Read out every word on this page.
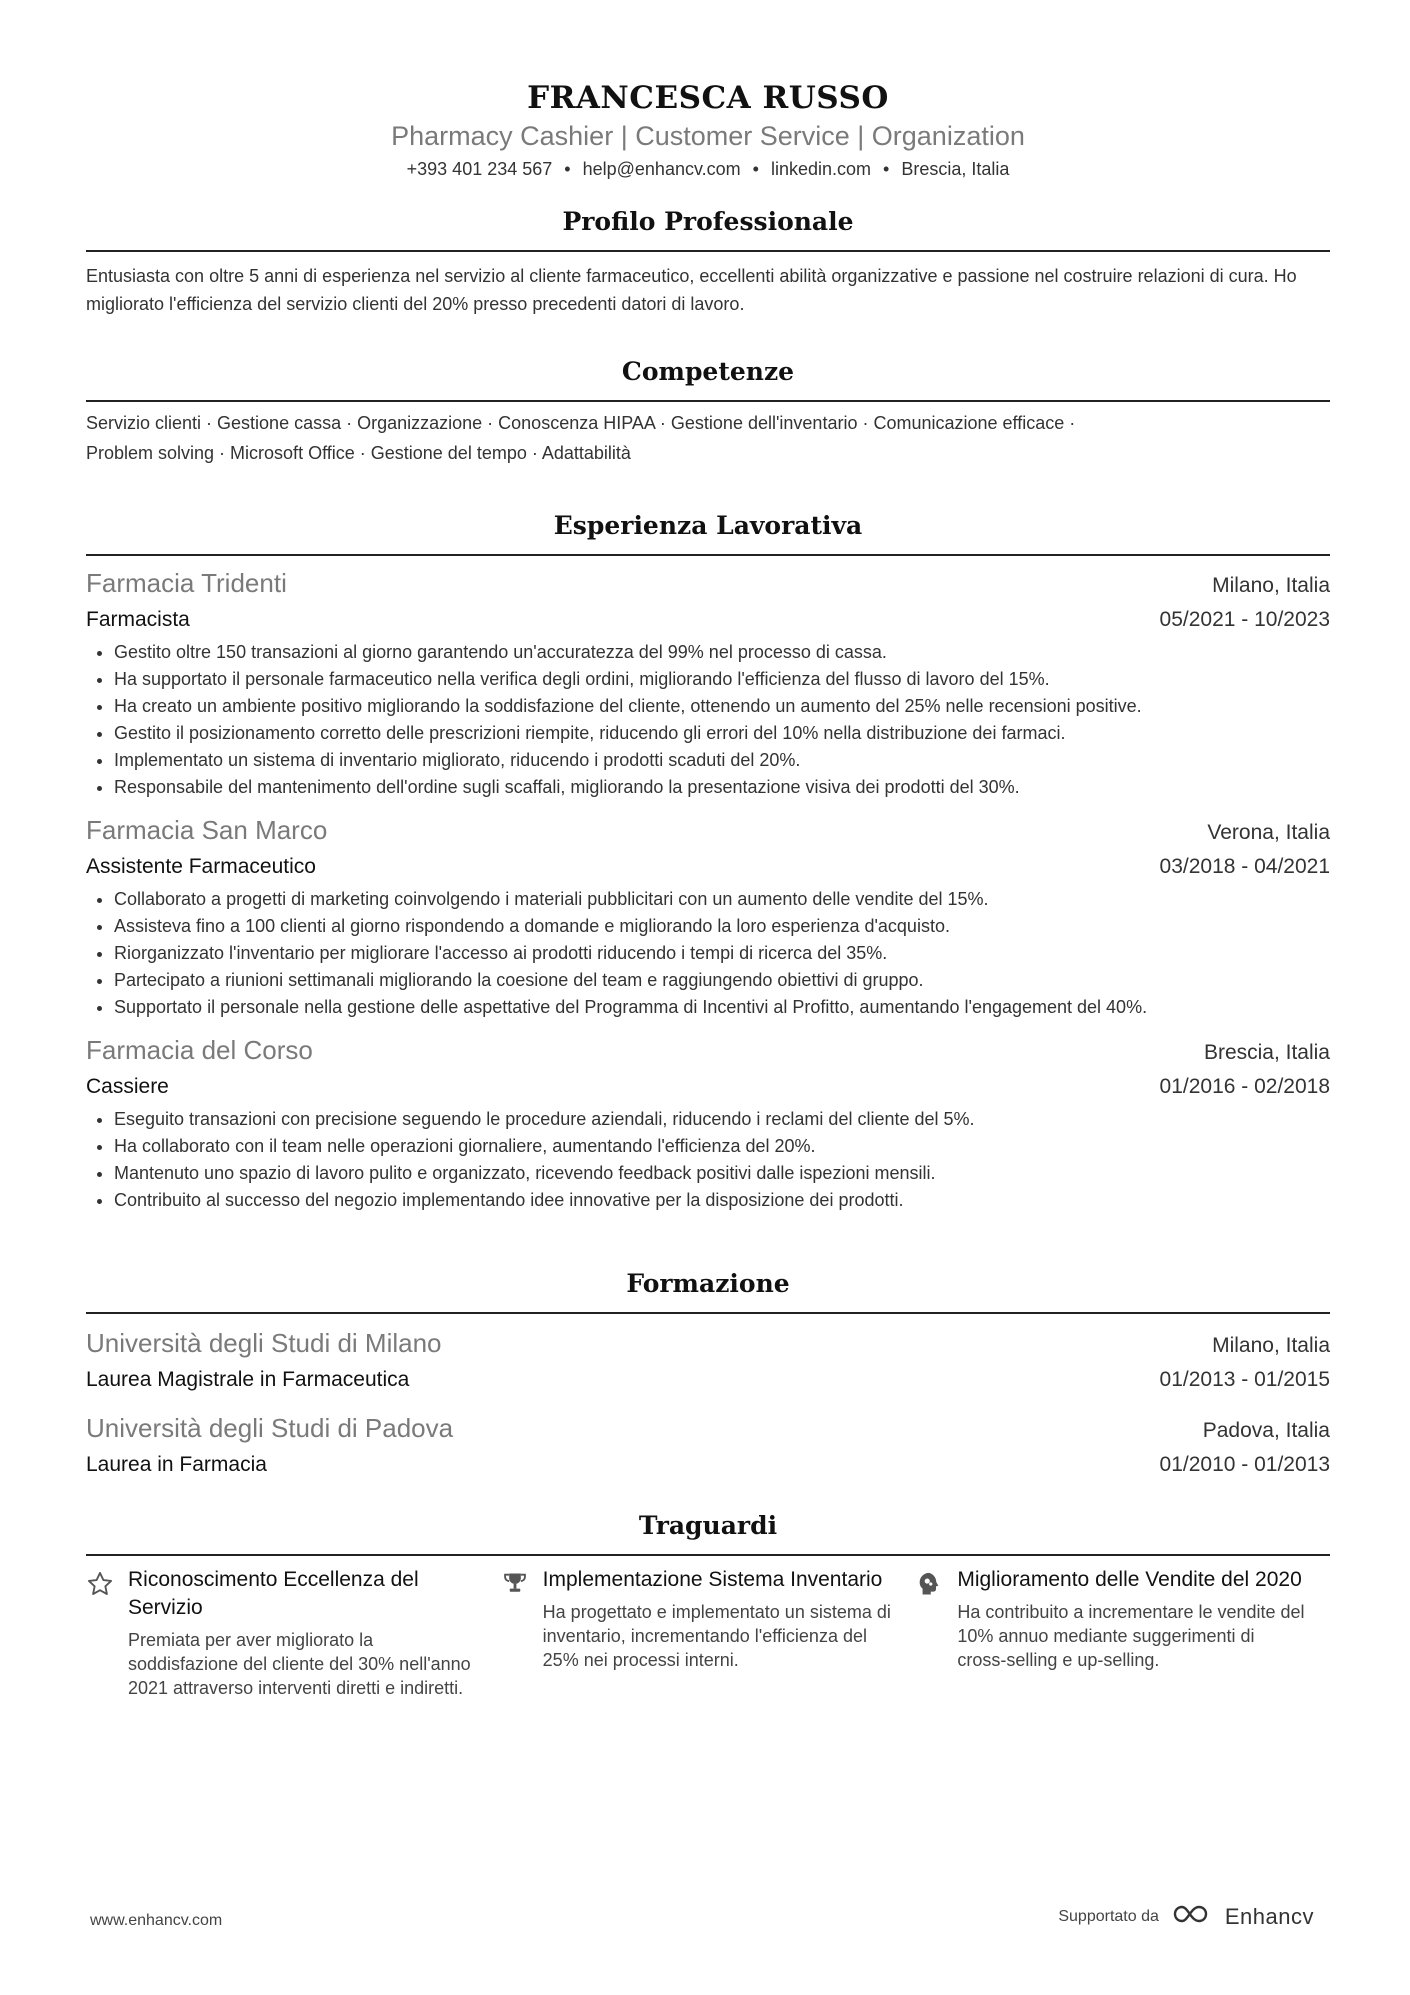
FRANCESCA RUSSO
Pharmacy Cashier | Customer Service | Organization
+393 401 234 567 • help@enhancv.com • linkedin.com • Brescia, Italia
Profilo Professionale
Entusiasta con oltre 5 anni di esperienza nel servizio al cliente farmaceutico, eccellenti abilità organizzative e passione nel costruire relazioni di cura. Ho migliorato l'efficienza del servizio clienti del 20% presso precedenti datori di lavoro.
Competenze
Servizio clienti · Gestione cassa · Organizzazione · Conoscenza HIPAA · Gestione dell'inventario · Comunicazione efficace ·
Problem solving · Microsoft Office · Gestione del tempo · Adattabilità
Esperienza Lavorativa
Farmacia Tridenti	Milano, Italia
Farmacista	05/2021 - 10/2023
• Gestito oltre 150 transazioni al giorno garantendo un'accuratezza del 99% nel processo di cassa.
• Ha supportato il personale farmaceutico nella verifica degli ordini, migliorando l'efficienza del flusso di lavoro del 15%.
• Ha creato un ambiente positivo migliorando la soddisfazione del cliente, ottenendo un aumento del 25% nelle recensioni positive.
• Gestito il posizionamento corretto delle prescrizioni riempite, riducendo gli errori del 10% nella distribuzione dei farmaci.
• Implementato un sistema di inventario migliorato, riducendo i prodotti scaduti del 20%.
• Responsabile del mantenimento dell'ordine sugli scaffali, migliorando la presentazione visiva dei prodotti del 30%.
Farmacia San Marco	Verona, Italia
Assistente Farmaceutico	03/2018 - 04/2021
• Collaborato a progetti di marketing coinvolgendo i materiali pubblicitari con un aumento delle vendite del 15%.
• Assisteva fino a 100 clienti al giorno rispondendo a domande e migliorando la loro esperienza d'acquisto.
• Riorganizzato l'inventario per migliorare l'accesso ai prodotti riducendo i tempi di ricerca del 35%.
• Partecipato a riunioni settimanali migliorando la coesione del team e raggiungendo obiettivi di gruppo.
• Supportato il personale nella gestione delle aspettative del Programma di Incentivi al Profitto, aumentando l'engagement del 40%.
Farmacia del Corso	Brescia, Italia
Cassiere	01/2016 - 02/2018
• Eseguito transazioni con precisione seguendo le procedure aziendali, riducendo i reclami del cliente del 5%.
• Ha collaborato con il team nelle operazioni giornaliere, aumentando l'efficienza del 20%.
• Mantenuto uno spazio di lavoro pulito e organizzato, ricevendo feedback positivi dalle ispezioni mensili.
• Contribuito al successo del negozio implementando idee innovative per la disposizione dei prodotti.
Formazione
Università degli Studi di Milano	Milano, Italia
Laurea Magistrale in Farmaceutica	01/2013 - 01/2015
Università degli Studi di Padova	Padova, Italia
Laurea in Farmacia	01/2010 - 01/2013
Traguardi
Riconoscimento Eccellenza del Servizio
Premiata per aver migliorato la soddisfazione del cliente del 30% nell'anno 2021 attraverso interventi diretti e indiretti.
Implementazione Sistema Inventario
Ha progettato e implementato un sistema di inventario, incrementando l'efficienza del 25% nei processi interni.
Miglioramento delle Vendite del 2020
Ha contribuito a incrementare le vendite del 10% annuo mediante suggerimenti di cross-selling e up-selling.
www.enhancv.com	Supportato da	Enhancv
